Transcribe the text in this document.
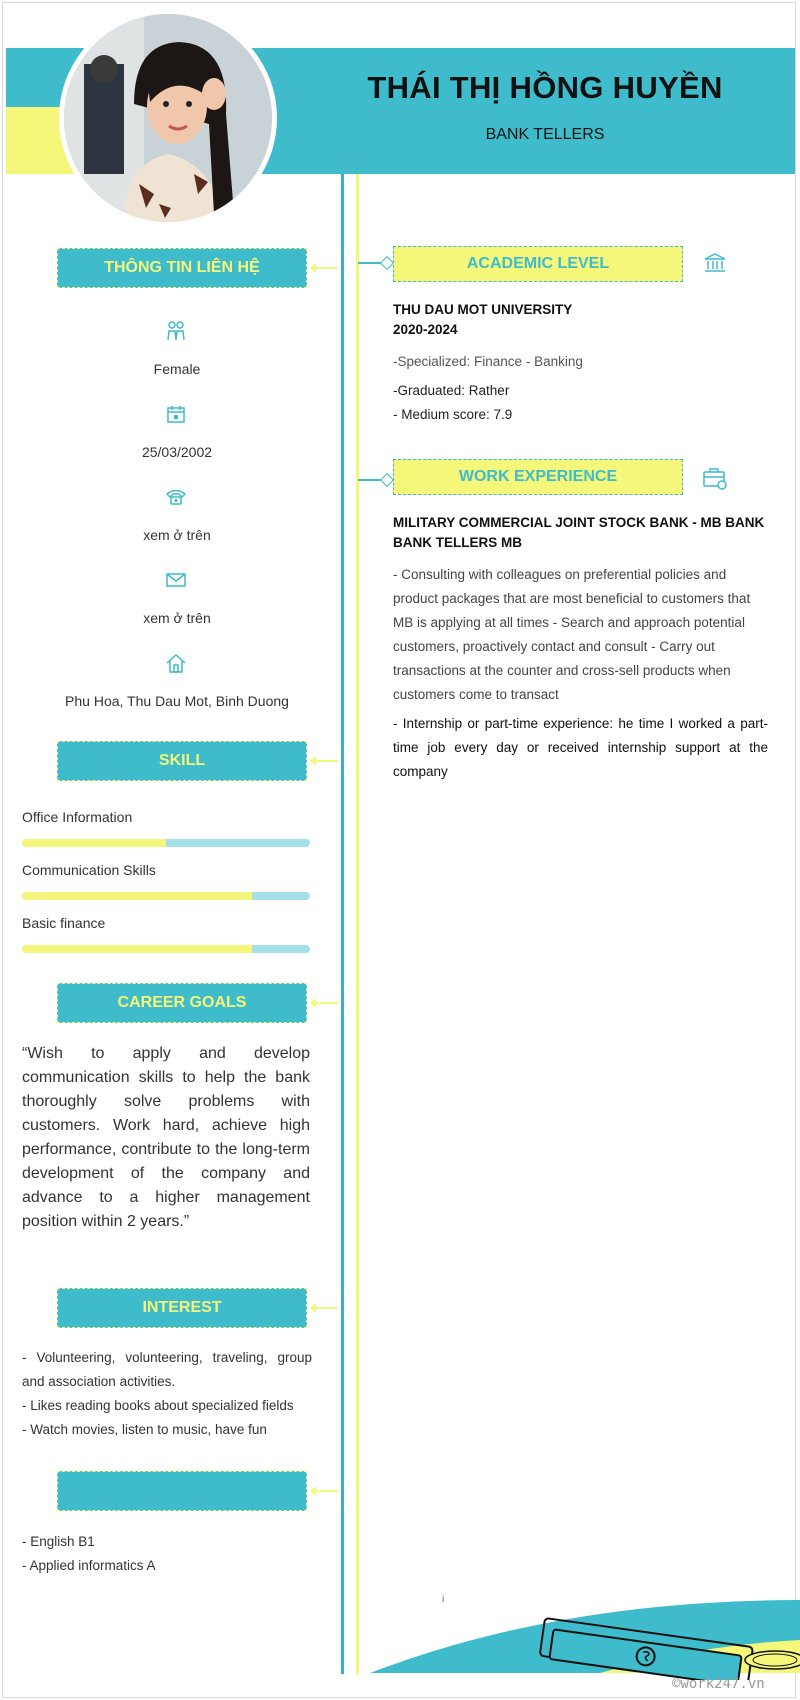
THÁI THỊ HỒNG HUYỀN
BANK TELLERS
THÔNG TIN LIÊN HỆ
Female
25/03/2002
xem ở trên
xem ở trên
Phu Hoa, Thu Dau Mot, Binh Duong
SKILL
Office Information
Communication Skills
Basic finance
CAREER GOALS
“Wish to apply and develop communication skills to help the bank thoroughly solve problems with customers. Work hard, achieve high performance, contribute to the long-term development of the company and advance to a higher management position within 2 years.”
INTEREST
- Volunteering, volunteering, traveling, group and association activities.
- Likes reading books about specialized fields
- Watch movies, listen to music, have fun
- English B1
- Applied informatics A
ACADEMIC LEVEL
THU DAU MOT UNIVERSITY
2020-2024
-Specialized: Finance - Banking
-Graduated: Rather
- Medium score: 7.9
WORK EXPERIENCE
MILITARY COMMERCIAL JOINT STOCK BANK - MB BANK
BANK TELLERS MB
- Consulting with colleagues on preferential policies and product packages that are most beneficial to customers that MB is applying at all times - Search and approach potential customers, proactively contact and consult - Carry out transactions at the counter and cross-sell products when customers come to transact
- Internship or part-time experience: he time I worked a part-time job every day or received internship support at the company
i
©work247.vn
